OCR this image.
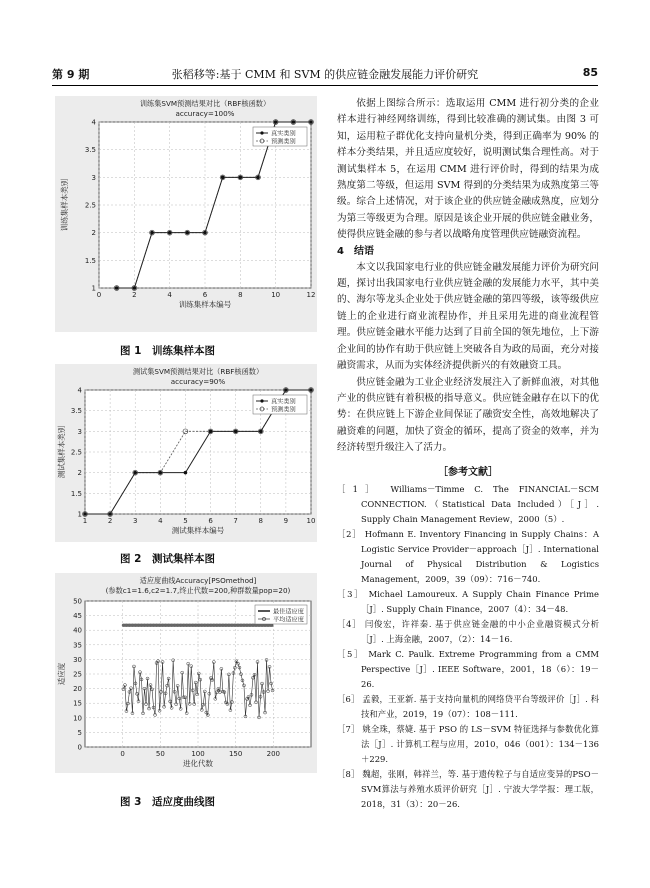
第 9 期	张稻移等:基于 CMM 和 SVM 的供应链金融发展能力评价研究	85
0	2	4	6	8	10	12
1
1.5
2
2.5
3
3.5
4
训练集SVM预测结果对比（RBF核函数）
accuracy=100%
训练集样本编号
训练集样本类别
真实类别
预测类别
图 1　训练集样本图
1	2	3	4	5	6	7	8	9	10
1
1.5
2
2.5
3
3.5
4
测试集SVM预测结果对比（RBF核函数）
accuracy=90%
测试集样本编号
测试集样本类别
真实类别
预测类别
图 2　测试集样本图
0	50	100	150	200
0
5
10
15
20
25
30
35
40
45
50
适应度曲线Accuracy[PSOmethod]
(参数c1=1.6,c2=1.7,终止代数=200,种群数量pop=20)
进化代数
适应度
最佳适应度
平均适应度
图 3　适应度曲线图

依据上图综合所示：选取运用 CMM 进行初分类的企业样本进行神经网络训练，得到比较准确的测试集。由图 3 可知，运用粒子群优化支持向量机分类，得到正确率为 90% 的样本分类结果，并且适应度较好，说明测试集合理性高。对于测试集样本 5，在运用 CMM 进行评价时，得到的结果为成熟度第二等级，但运用 SVM 得到的分类结果为成熟度第三等级。综合上述情况，对于该企业的供应链金融成熟度，应划分为第三等级更为合理。原因是该企业开展的供应链金融业务，使得供应链金融的参与者以战略角度管理供应链融资流程。

4　结语

本文以我国家电行业的供应链金融发展能力评价为研究问题，探讨出我国家电行业供应链金融的发展能力水平，其中美的、海尔等龙头企业处于供应链金融的第四等级，该等级供应链上的企业进行商业流程协作，并且采用先进的商业流程管理。供应链金融水平能力达到了目前全国的领先地位，上下游企业间的协作有助于供应链上突破各自为政的局面，充分对接融资需求，从而为实体经济提供新兴的有效融资工具。

供应链金融为工业企业经济发展注入了新鲜血液，对其他产业的供应链有着积极的指导意义。供应链金融存在以下的优势：在供应链上下游企业间保证了融资安全性，高效地解决了融资难的问题，加快了资金的循环，提高了资金的效率，并为经济转型升级注入了活力。

［参考文献］
［1］ Williams－Timme C. The FINANCIAL－SCM CONNECTION.（Statistical Data Included）［J］. Supply Chain Management Review，2000（5）.
［2］ Hofmann E. Inventory Financing in Supply Chains：A Logistic Service Provider－approach［J］. International Journal of Physical Distribution & Logistics Management，2009，39（09）：716－740.
［3］ Michael Lamoureux. A Supply Chain Finance Prime［J］. Supply Chain Finance，2007（4）：34－48.
［4］ 闫俊宏，许祥秦. 基于供应链金融的中小企业融资模式分析［J］. 上海金融，2007，（2）：14－16.
［5］ Mark C. Paulk. Extreme Programming from a CMM Perspective［J］. IEEE Software，2001，18（6）：19－26.
［6］ 孟毅，王亚新. 基于支持向量机的网络贷平台等级评价［J］. 科技和产业，2019，19（07）：108－111.
［7］ 姚全珠，蔡婕. 基于 PSO 的 LS－SVM 特征选择与参数优化算法［J］. 计算机工程与应用，2010，046（001）：134－136＋229.
［8］ 魏超，张刚，韩祥兰，等. 基于遗传粒子与自适应变异的PSO－SVM算法与养殖水质评价研究［J］. 宁波大学学报：理工版，2018，31（3）：20－26.
